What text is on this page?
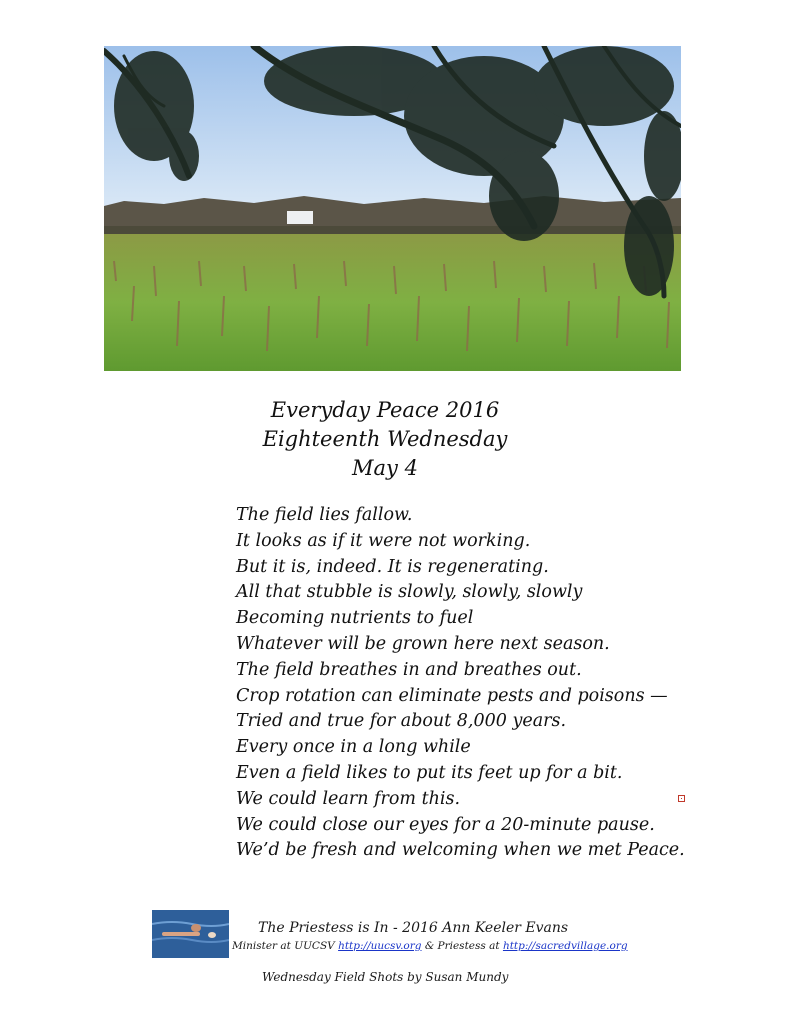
Everyday Peace 2016
Eighteenth Wednesday
May 4
The field lies fallow.
It looks as if it were not working.
But it is, indeed. It is regenerating.
All that stubble is slowly, slowly, slowly
Becoming nutrients to fuel
Whatever will be grown here next season.
The field breathes in and breathes out.
Crop rotation can eliminate pests and poisons —
Tried and true for about 8,000 years.
Every once in a long while
Even a field likes to put its feet up for a bit.
We could learn from this.
We could close our eyes for a 20-minute pause.
We’d be fresh and welcoming when we met Peace.
The Priestess is In - 2016 Ann Keeler Evans
Minister at UUCSV http://uucsv.org & Priestess at http://sacredvillage.org
Wednesday Field Shots by Susan Mundy
